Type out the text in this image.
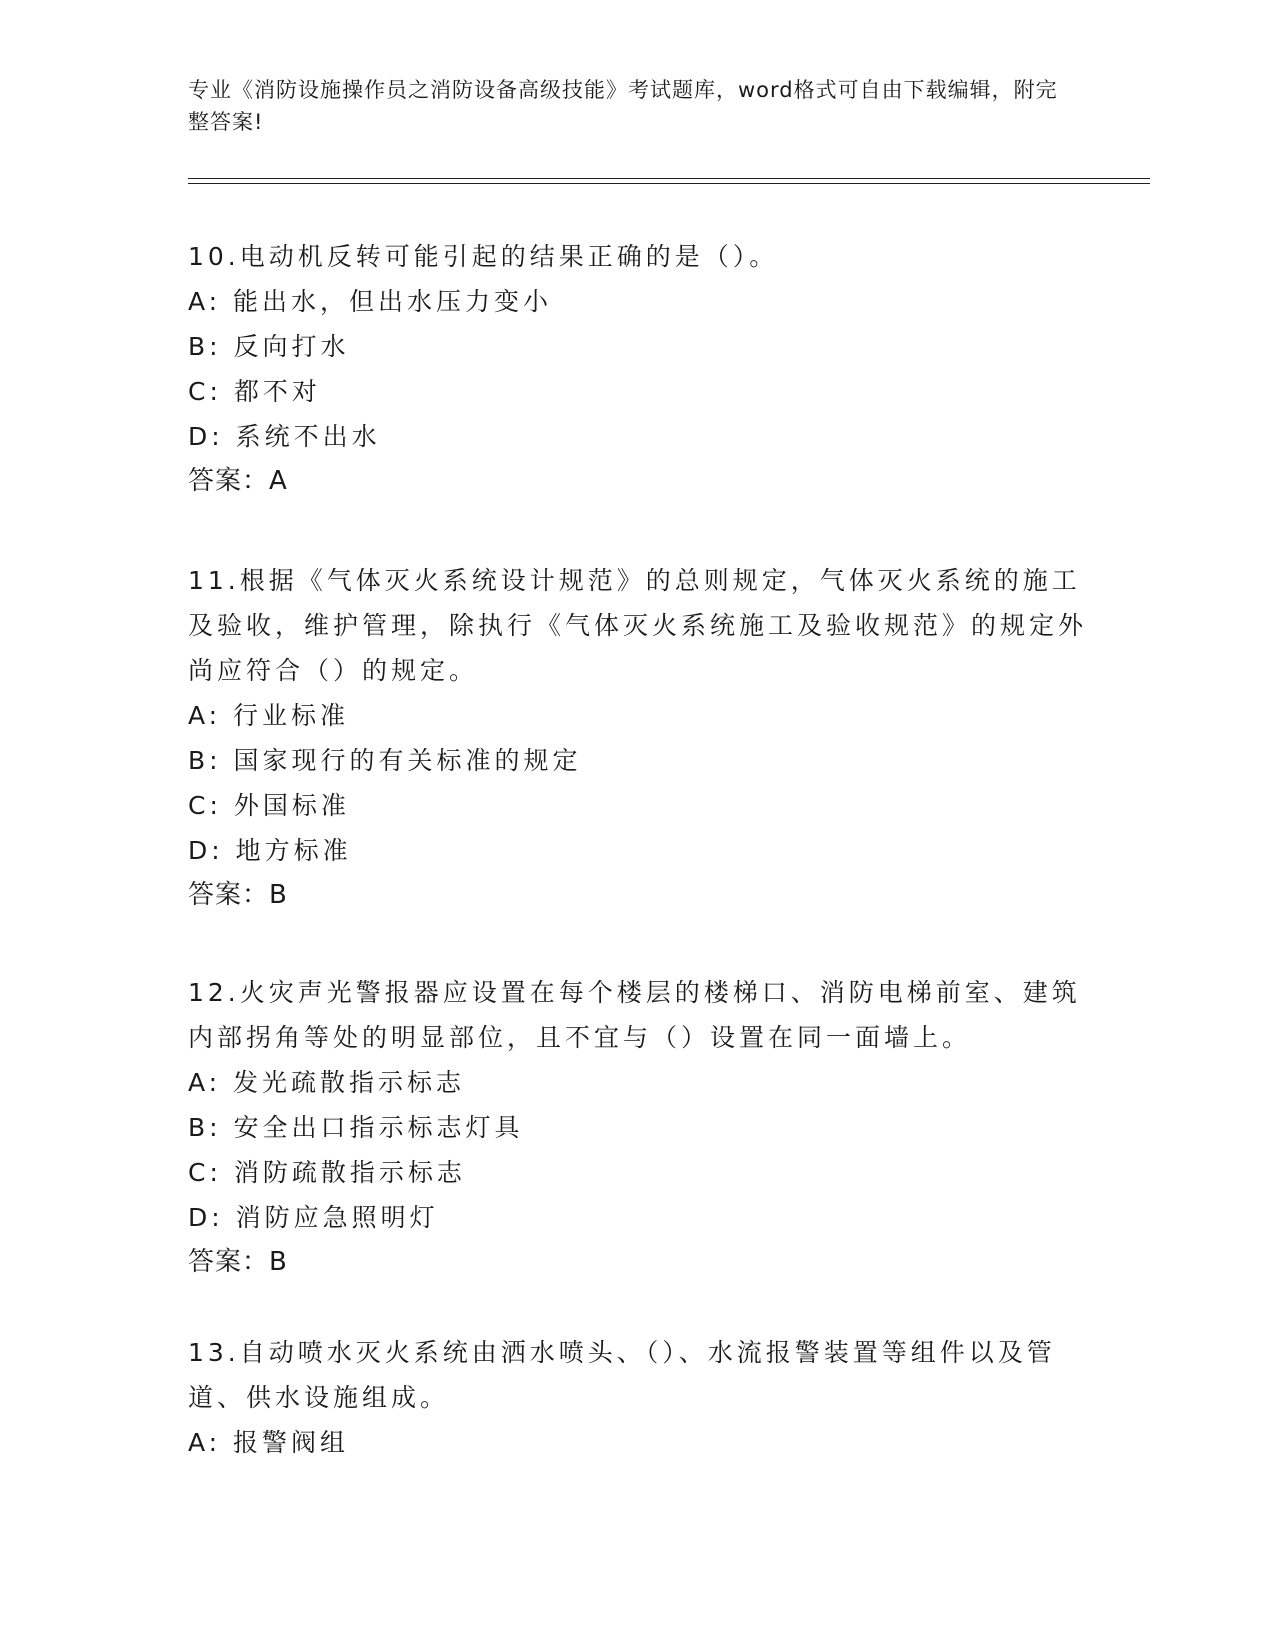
专业《消防设施操作员之消防设备高级技能》考试题库，word格式可自由下载编辑，附完整答案!

10.电动机反转可能引起的结果正确的是（）。

A: 能出水，但出水压力变小

B: 反向打水

C: 都不对

D: 系统不出水

答案：A

11.根据《气体灭火系统设计规范》的总则规定，气体灭火系统的施工及验收，维护管理，除执行《气体灭火系统施工及验收规范》的规定外尚应符合（）的规定。

A: 行业标准

B: 国家现行的有关标准的规定

C: 外国标准

D: 地方标准

答案：B

12.火灾声光警报器应设置在每个楼层的楼梯口、消防电梯前室、建筑内部拐角等处的明显部位，且不宜与（）设置在同一面墙上。

A: 发光疏散指示标志

B: 安全出口指示标志灯具

C: 消防疏散指示标志

D: 消防应急照明灯

答案：B

13.自动喷水灭火系统由洒水喷头、（）、水流报警装置等组件以及管道、供水设施组成。

A: 报警阀组
